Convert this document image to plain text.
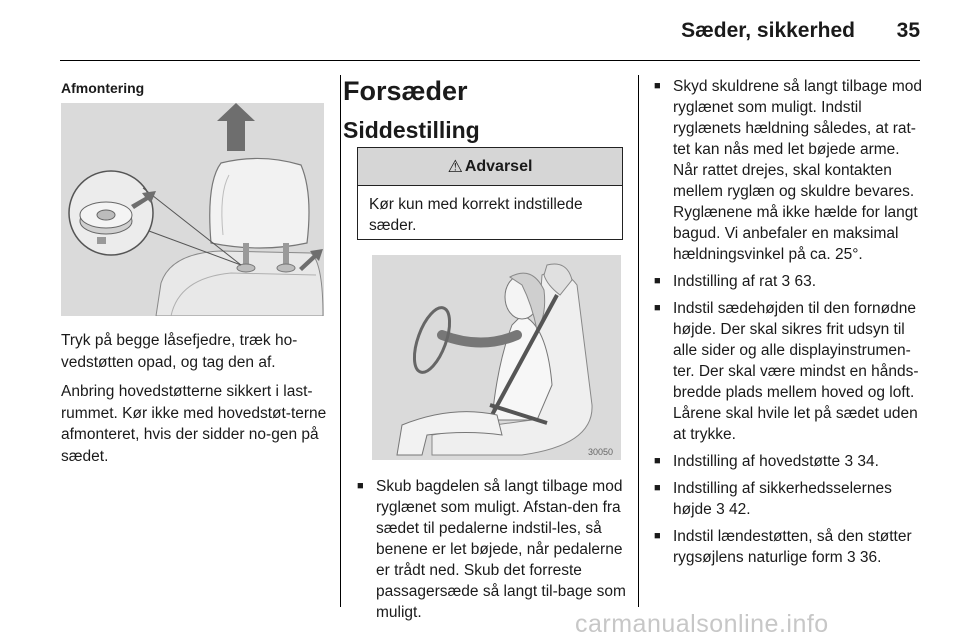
Sæder, sikkerhed 35
Afmontering

Tryk på begge låsefjedre, træk ho-vedstøtten opad, og tag den af.

Anbring hovedstøtterne sikkert i last-rummet. Kør ikke med hovedstøt-terne afmonteret, hvis der sidder no-gen på sædet.

Forsæder
Siddestilling
⚠ Advarsel
Kør kun med korrekt indstillede sæder.
30050
■ Skub bagdelen så langt tilbage mod ryglænet som muligt. Afstan-den fra sædet til pedalerne indstil-les, så benene er let bøjede, når pedalerne er trådt ned. Skub det forreste passagersæde så langt til-bage som muligt.
■ Skyd skuldrene så langt tilbage mod ryglænet som muligt. Indstil ryglænets hældning således, at rat-tet kan nås med let bøjede arme. Når rattet drejes, skal kontakten mellem ryglæn og skuldre bevares. Ryglænene må ikke hælde for langt bagud. Vi anbefaler en maksimal hældningsvinkel på ca. 25°.
■ Indstilling af rat 3 63.
■ Indstil sædehøjden til den fornødne højde. Der skal sikres frit udsyn til alle sider og alle displayinstrumen-ter. Der skal være mindst en hånds-bredde plads mellem hoved og loft. Lårene skal hvile let på sædet uden at trykke.
■ Indstilling af hovedstøtte 3 34.
■ Indstilling af sikkerhedsselernes højde 3 42.
■ Indstil lændestøtten, så den støtter rygsøjlens naturlige form 3 36.
carmanualsonline.info
